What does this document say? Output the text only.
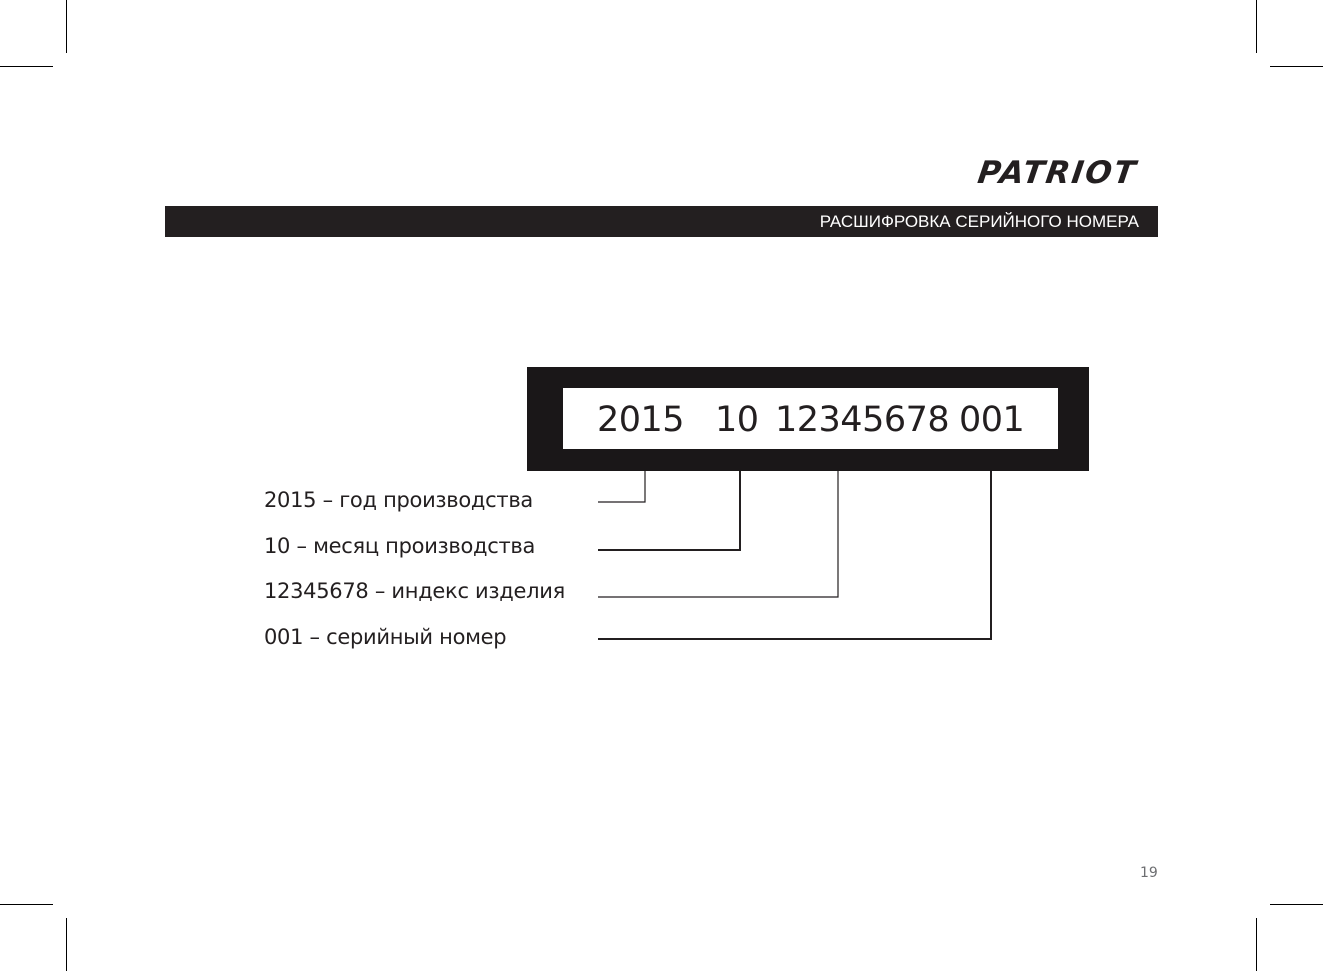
PATRIOT
РАСШИФРОВКА СЕРИЙНОГО НОМЕРА
2015 10 12345678 001
2015 – год производства
10 – месяц производства
12345678 – индекс изделия
001 – серийный номер
19
